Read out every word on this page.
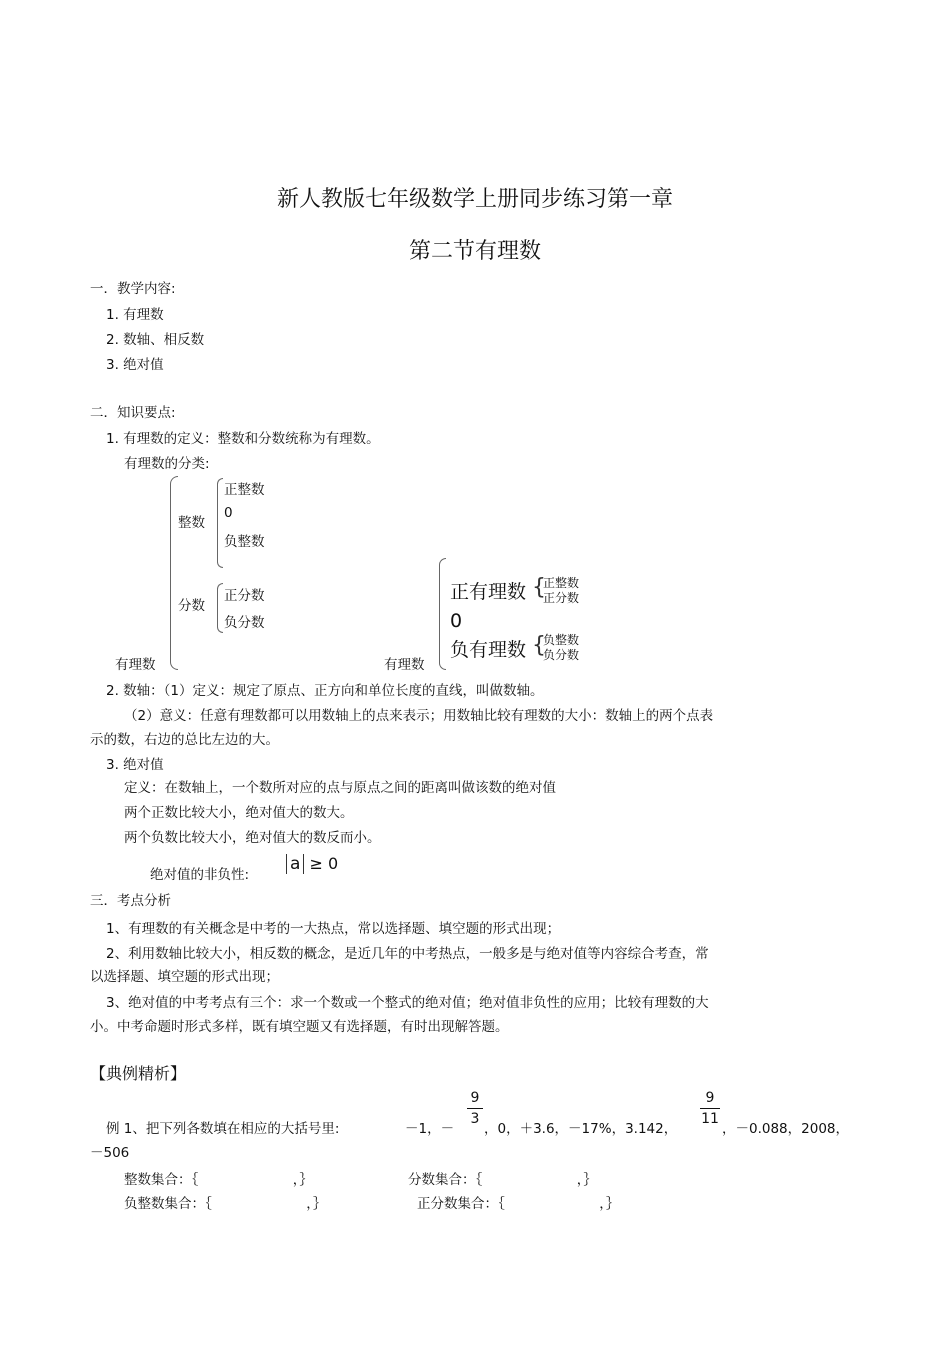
新人教版七年级数学上册同步练习第一章
第二节有理数
一．教学内容:
1. 有理数
2. 数轴、相反数
3. 绝对值
二．知识要点:
1. 有理数的定义：整数和分数统称为有理数。
有理数的分类:
整数
正整数
0
负整数
分数
正分数
负分数
有理数
正有理数 {
正整数
正分数
0
负有理数 {
负整数
负分数
有理数
2. 数轴：（1）定义：规定了原点、正方向和单位长度的直线，叫做数轴。
（2）意义：任意有理数都可以用数轴上的点来表示；用数轴比较有理数的大小：数轴上的两个点表
示的数，右边的总比左边的大。
3. 绝对值
定义：在数轴上，一个数所对应的点与原点之间的距离叫做该数的绝对值
两个正数比较大小，绝对值大的数大。
两个负数比较大小，绝对值大的数反而小。
绝对值的非负性:
a ≥ 0
三．考点分析
1、有理数的有关概念是中考的一大热点，常以选择题、填空题的形式出现；
2、利用数轴比较大小，相反数的概念，是近几年的中考热点，一般多是与绝对值等内容综合考查，常
以选择题、填空题的形式出现；
3、绝对值的中考考点有三个：求一个数或一个整式的绝对值；绝对值非负性的应用；比较有理数的大
小。中考命题时形式多样，既有填空题又有选择题，有时出现解答题。
【典例精析】
例 1、把下列各数填在相应的大括号里:	－1，－
9
3
，0，＋3.6，－17%，3.142，
9
11
，－0.088，2008，
－506
整数集合：｛　　　　　　　，｝	分数集合：｛　　　　　　　，｝
负整数集合：｛　　　　　　　，｝	正分数集合：｛　　　　　　　，｝
